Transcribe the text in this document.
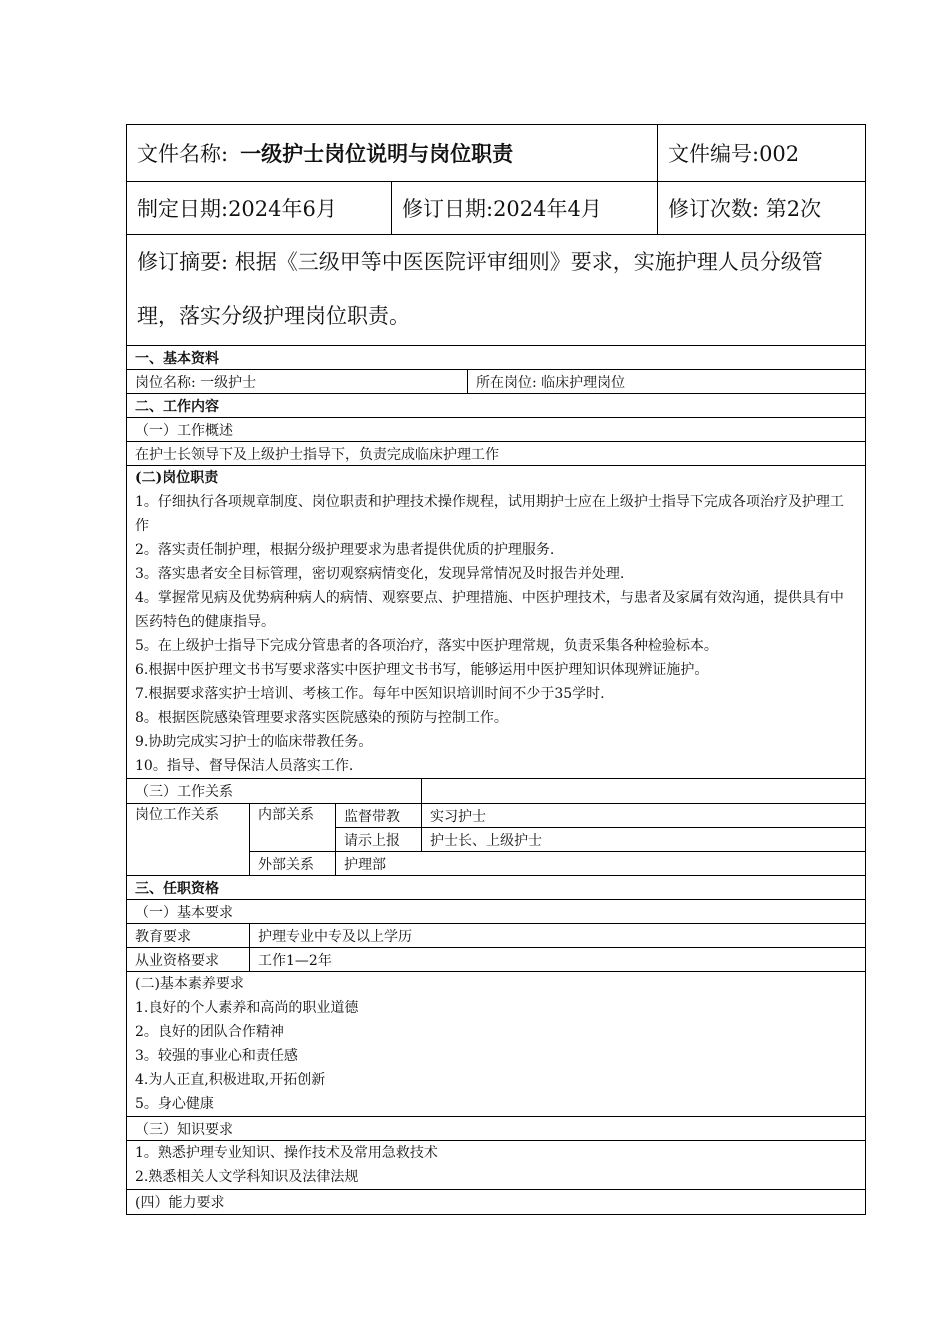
文件名称: 一级护士岗位说明与岗位职责	文件编号:002
制定日期:2024年6月	修订日期:2024年4月	修订次数: 第2次
修订摘要: 根据《三级甲等中医医院评审细则》要求，实施护理人员分级管理，落实分级护理岗位职责。
一、基本资料
岗位名称: 一级护士	所在岗位: 临床护理岗位
二、工作内容
（一）工作概述
在护士长领导下及上级护士指导下，负责完成临床护理工作
(二)岗位职责
1。仔细执行各项规章制度、岗位职责和护理技术操作规程，试用期护士应在上级护士指导下完成各项治疗及护理工作
2。落实责任制护理，根据分级护理要求为患者提供优质的护理服务.
3。落实患者安全目标管理，密切观察病情变化，发现异常情况及时报告并处理.
4。掌握常见病及优势病种病人的病情、观察要点、护理措施、中医护理技术，与患者及家属有效沟通，提供具有中医药特色的健康指导。
5。在上级护士指导下完成分管患者的各项治疗，落实中医护理常规，负责采集各种检验标本。
6.根据中医护理文书书写要求落实中医护理文书书写，能够运用中医护理知识体现辨证施护。
7.根据要求落实护士培训、考核工作。每年中医知识培训时间不少于35学时.
8。根据医院感染管理要求落实医院感染的预防与控制工作。
9.协助完成实习护士的临床带教任务。
10。指导、督导保洁人员落实工作.
（三）工作关系
岗位工作关系	内部关系	监督带教	实习护士
请示上报	护士长、上级护士
外部关系	护理部
三、任职资格
（一）基本要求
教育要求	护理专业中专及以上学历
从业资格要求	工作1—2年
(二)基本素养要求
1.良好的个人素养和高尚的职业道德
2。良好的团队合作精神
3。较强的事业心和责任感
4.为人正直,积极进取,开拓创新
5。身心健康
（三）知识要求
1。熟悉护理专业知识、操作技术及常用急救技术
2.熟悉相关人文学科知识及法律法规
(四）能力要求
